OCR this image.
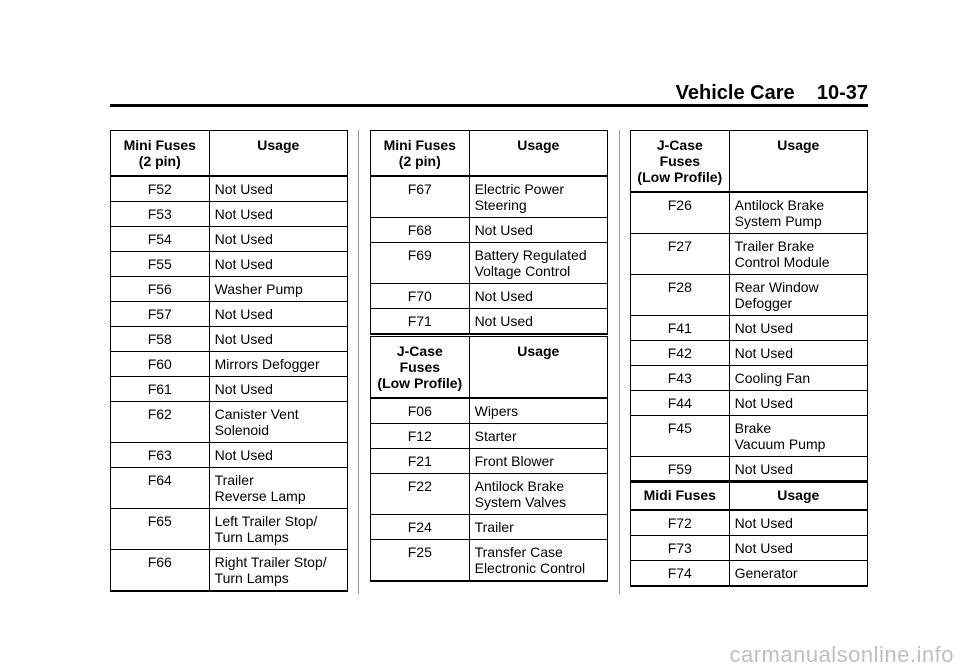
Vehicle Care    10-37
Mini Fuses
(2 pin)	Usage

F52	Not Used

F53	Not Used

F54	Not Used

F55	Not Used

F56	Washer Pump

F57	Not Used

F58	Not Used

F60	Mirrors Defogger

F61	Not Used

F62	Canister Vent
Solenoid

F63	Not Used

F64	Trailer
Reverse Lamp

F65	Left Trailer Stop/
Turn Lamps

F66	Right Trailer Stop/
Turn Lamps
Mini Fuses
(2 pin)	Usage

F67	Electric Power
Steering

F68	Not Used

F69	Battery Regulated
Voltage Control

F70	Not Used

F71	Not Used
J-Case
Fuses
(Low Profile)	Usage

F06	Wipers

F12	Starter

F21	Front Blower

F22	Antilock Brake
System Valves

F24	Trailer

F25	Transfer Case
Electronic Control
J-Case
Fuses
(Low Profile)	Usage

F26	Antilock Brake
System Pump

F27	Trailer Brake
Control Module

F28	Rear Window
Defogger

F41	Not Used

F42	Not Used

F43	Cooling Fan

F44	Not Used

F45	Brake
Vacuum Pump

F59	Not Used
Midi Fuses	Usage

F72	Not Used

F73	Not Used

F74	Generator
carmanualsonline.info
